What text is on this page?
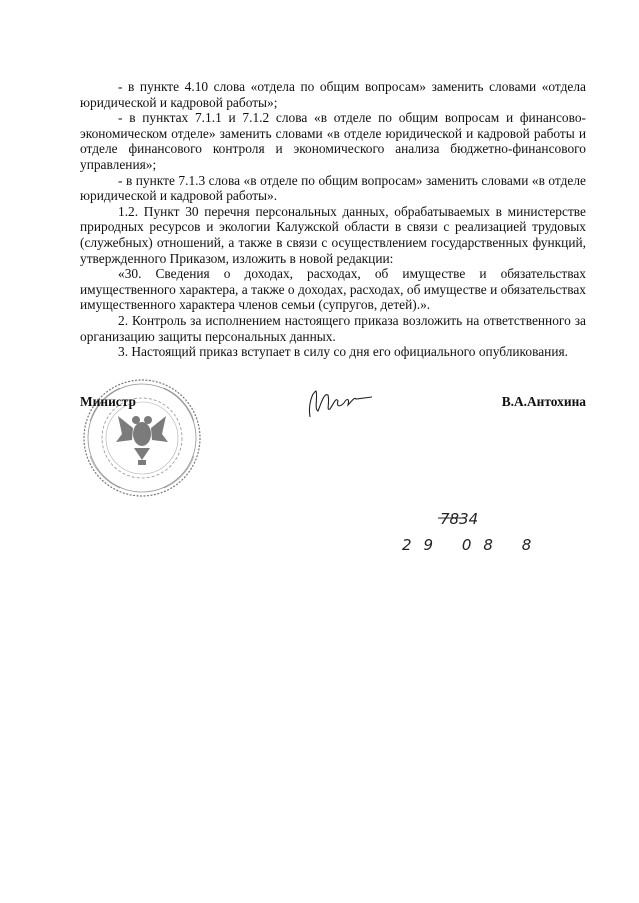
- в пункте 4.10 слова «отдела по общим вопросам» заменить словами «отдела юридической и кадровой работы»;

- в пунктах 7.1.1 и 7.1.2 слова «в отделе по общим вопросам и финансово-экономическом отделе» заменить словами «в отделе юридической и кадровой работы и отделе финансового контроля и экономического анализа бюджетно-финансового управления»;

- в пункте 7.1.3 слова «в отделе по общим вопросам» заменить словами «в отделе юридической и кадровой работы».

1.2. Пункт 30 перечня персональных данных, обрабатываемых в министерстве природных ресурсов и экологии Калужской области в связи с реализацией трудовых (служебных) отношений, а также в связи с осуществлением государственных функций, утвержденного Приказом, изложить в новой редакции:

«30. Сведения о доходах, расходах, об имуществе и обязательствах имущественного характера, а также о доходах, расходах, об имуществе и обязательствах имущественного характера членов семьи (супругов, детей).».

2. Контроль за исполнением настоящего приказа возложить на ответственного за организацию защиты персональных данных.

3. Настоящий приказ вступает в силу со дня его официального опубликования.

Министр	В.А.Антохина
7834
29 08 8
